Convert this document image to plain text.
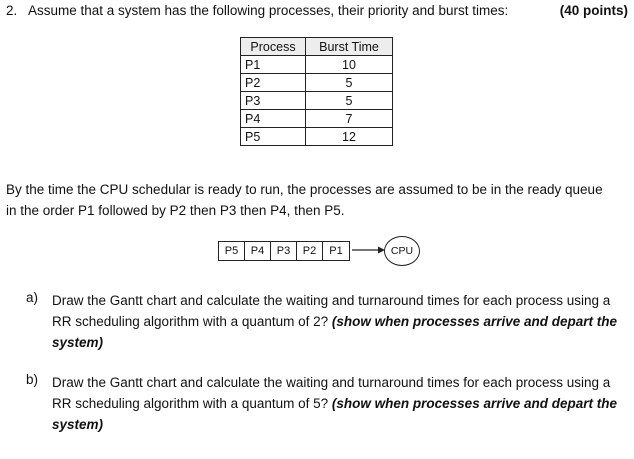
2. Assume that a system has the following processes, their priority and burst times:	(40 points)
Process	Burst Time
P1	10
P2	5
P3	5
P4	7
P5	12
By the time the CPU schedular is ready to run, the processes are assumed to be in the ready queue in the order P1 followed by P2 then P3 then P4, then P5.
P5	P4	P3	P2	P1	CPU
a) Draw the Gantt chart and calculate the waiting and turnaround times for each process using a RR scheduling algorithm with a quantum of 2? (show when processes arrive and depart the system)
b) Draw the Gantt chart and calculate the waiting and turnaround times for each process using a RR scheduling algorithm with a quantum of 5? (show when processes arrive and depart the system)
